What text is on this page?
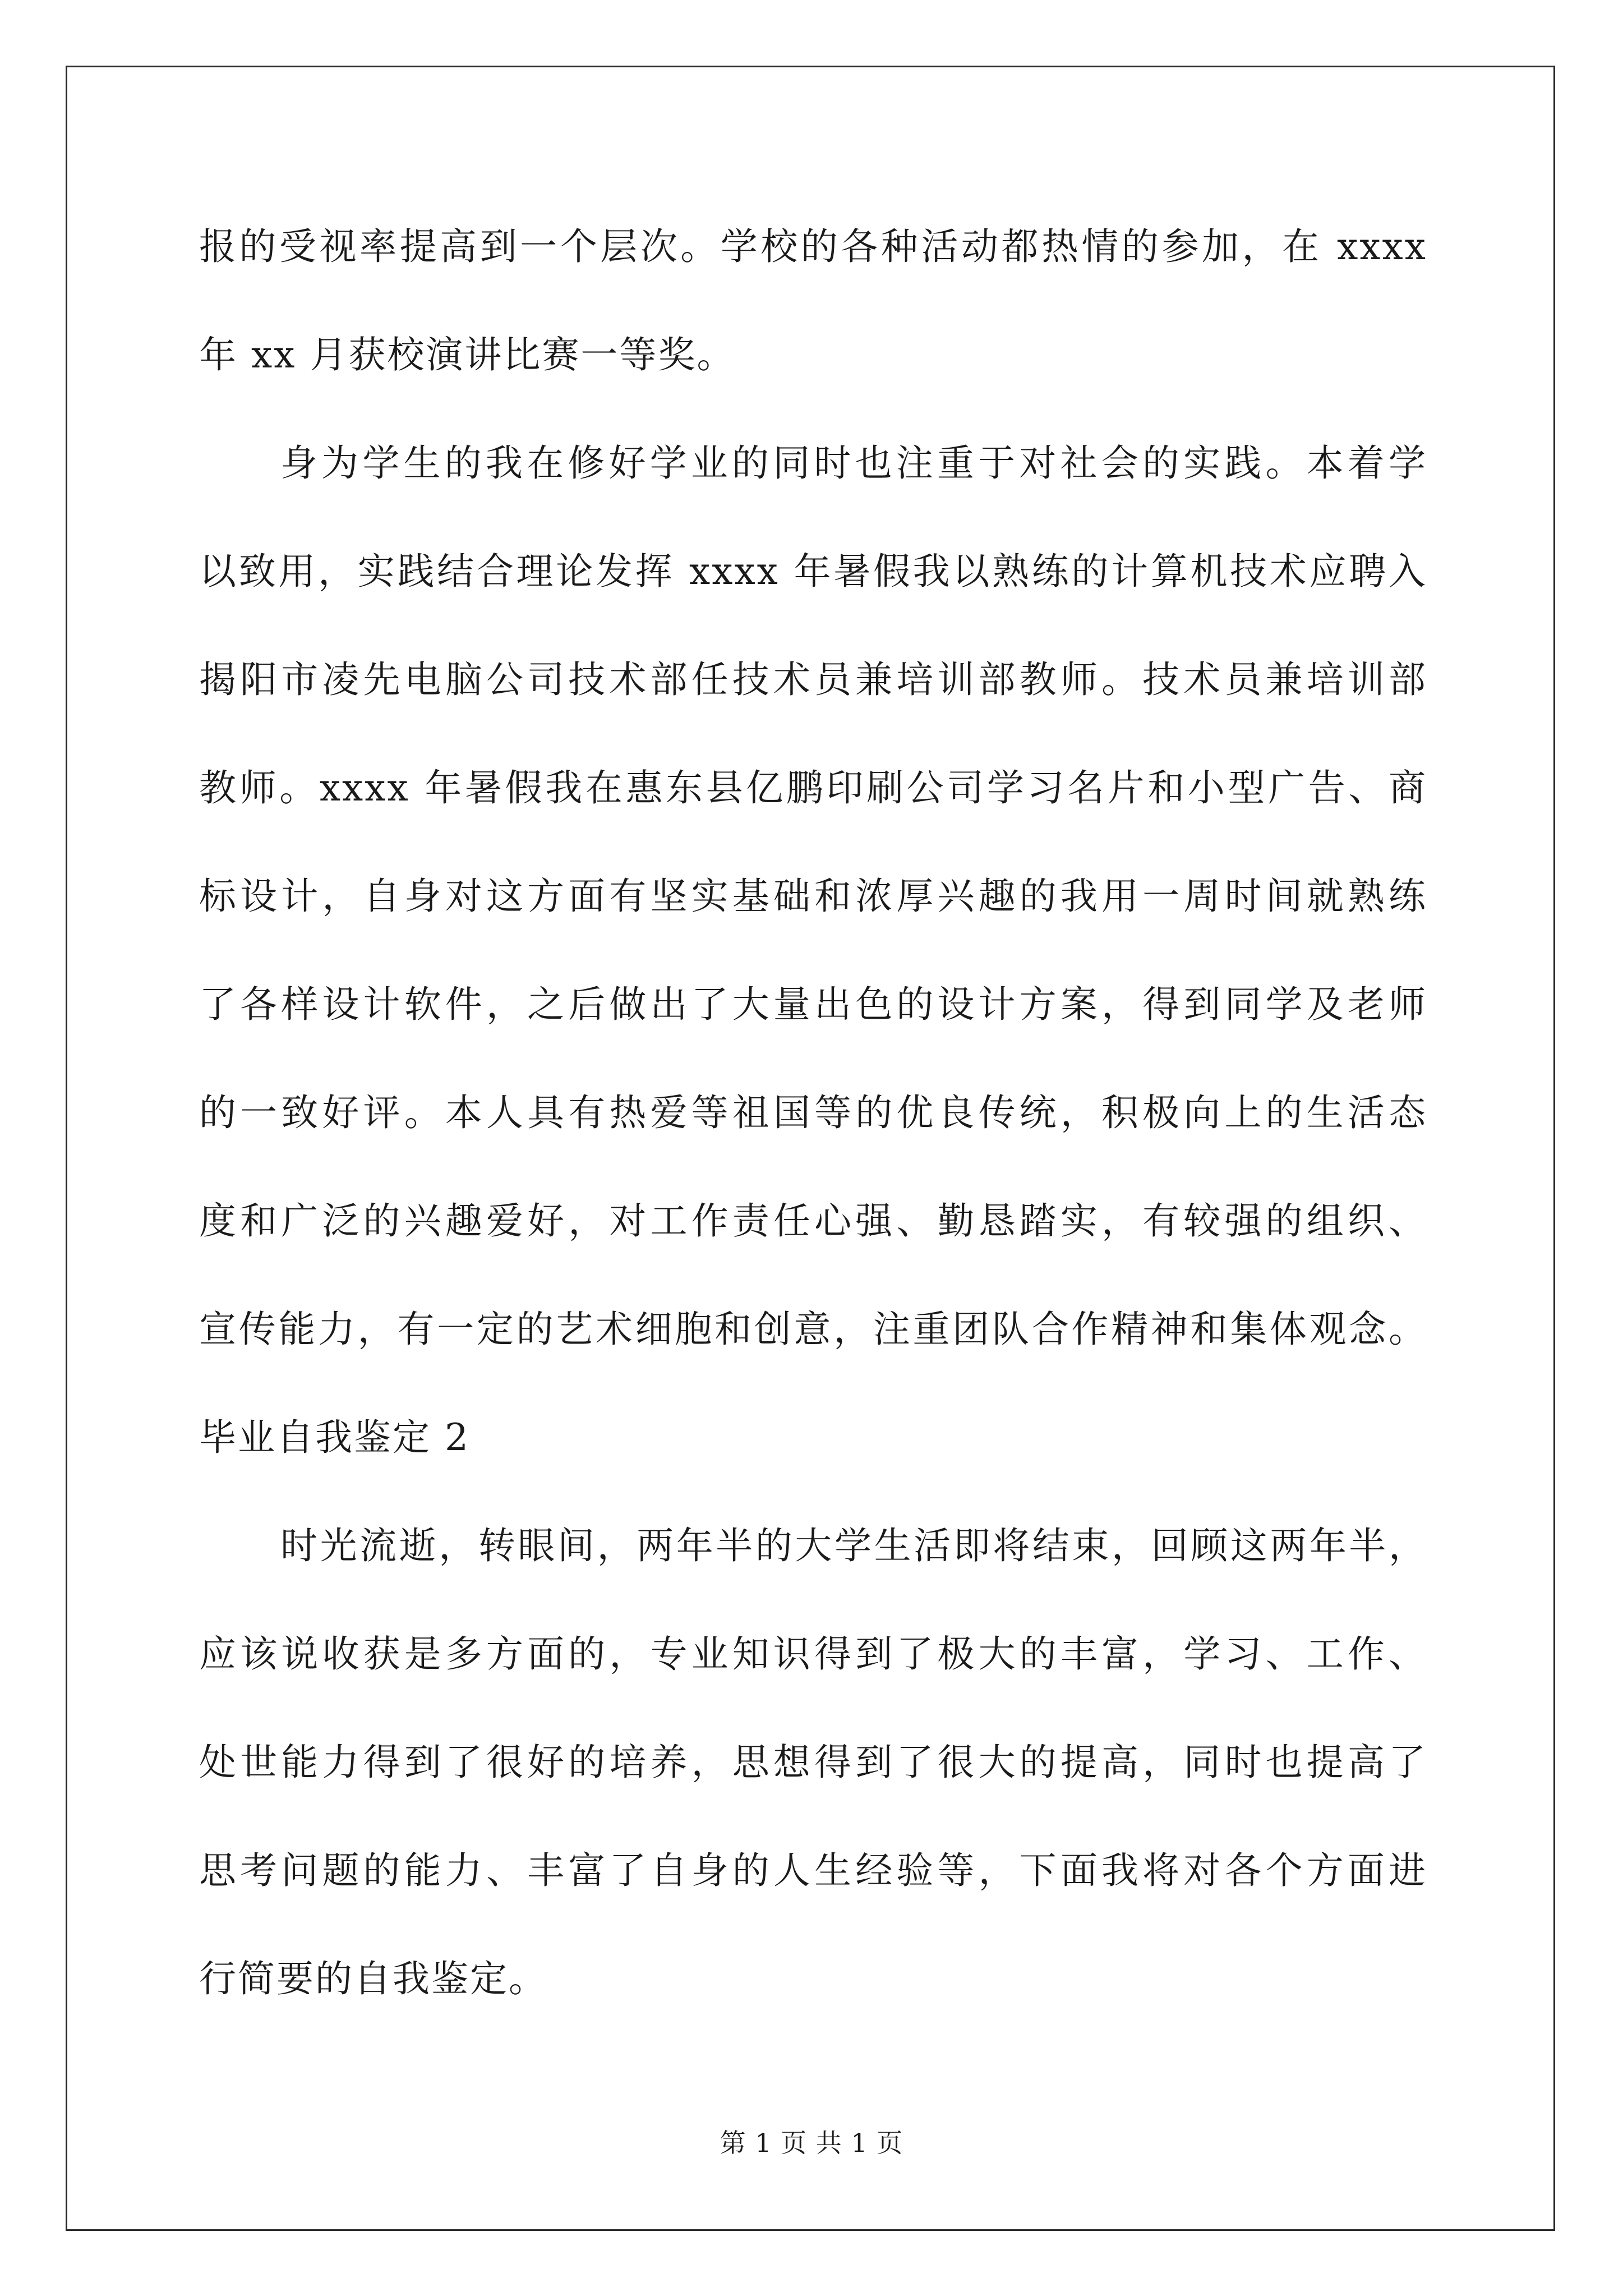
报的受视率提高到一个层次。学校的各种活动都热情的参加，在 xxxx
年 xx 月获校演讲比赛一等奖。
身为学生的我在修好学业的同时也注重于对社会的实践。本着学
以致用，实践结合理论发挥 xxxx 年暑假我以熟练的计算机技术应聘入
揭阳市凌先电脑公司技术部任技术员兼培训部教师。技术员兼培训部
教师。xxxx 年暑假我在惠东县亿鹏印刷公司学习名片和小型广告、商
标设计，自身对这方面有坚实基础和浓厚兴趣的我用一周时间就熟练
了各样设计软件，之后做出了大量出色的设计方案，得到同学及老师
的一致好评。本人具有热爱等祖国等的优良传统，积极向上的生活态
度和广泛的兴趣爱好，对工作责任心强、勤恳踏实，有较强的组织、
宣传能力，有一定的艺术细胞和创意，注重团队合作精神和集体观念。
毕业自我鉴定 2
时光流逝，转眼间，两年半的大学生活即将结束，回顾这两年半，
应该说收获是多方面的，专业知识得到了极大的丰富，学习、工作、
处世能力得到了很好的培养，思想得到了很大的提高，同时也提高了
思考问题的能力、丰富了自身的人生经验等，下面我将对各个方面进
行简要的自我鉴定。
第 1 页 共 1 页
